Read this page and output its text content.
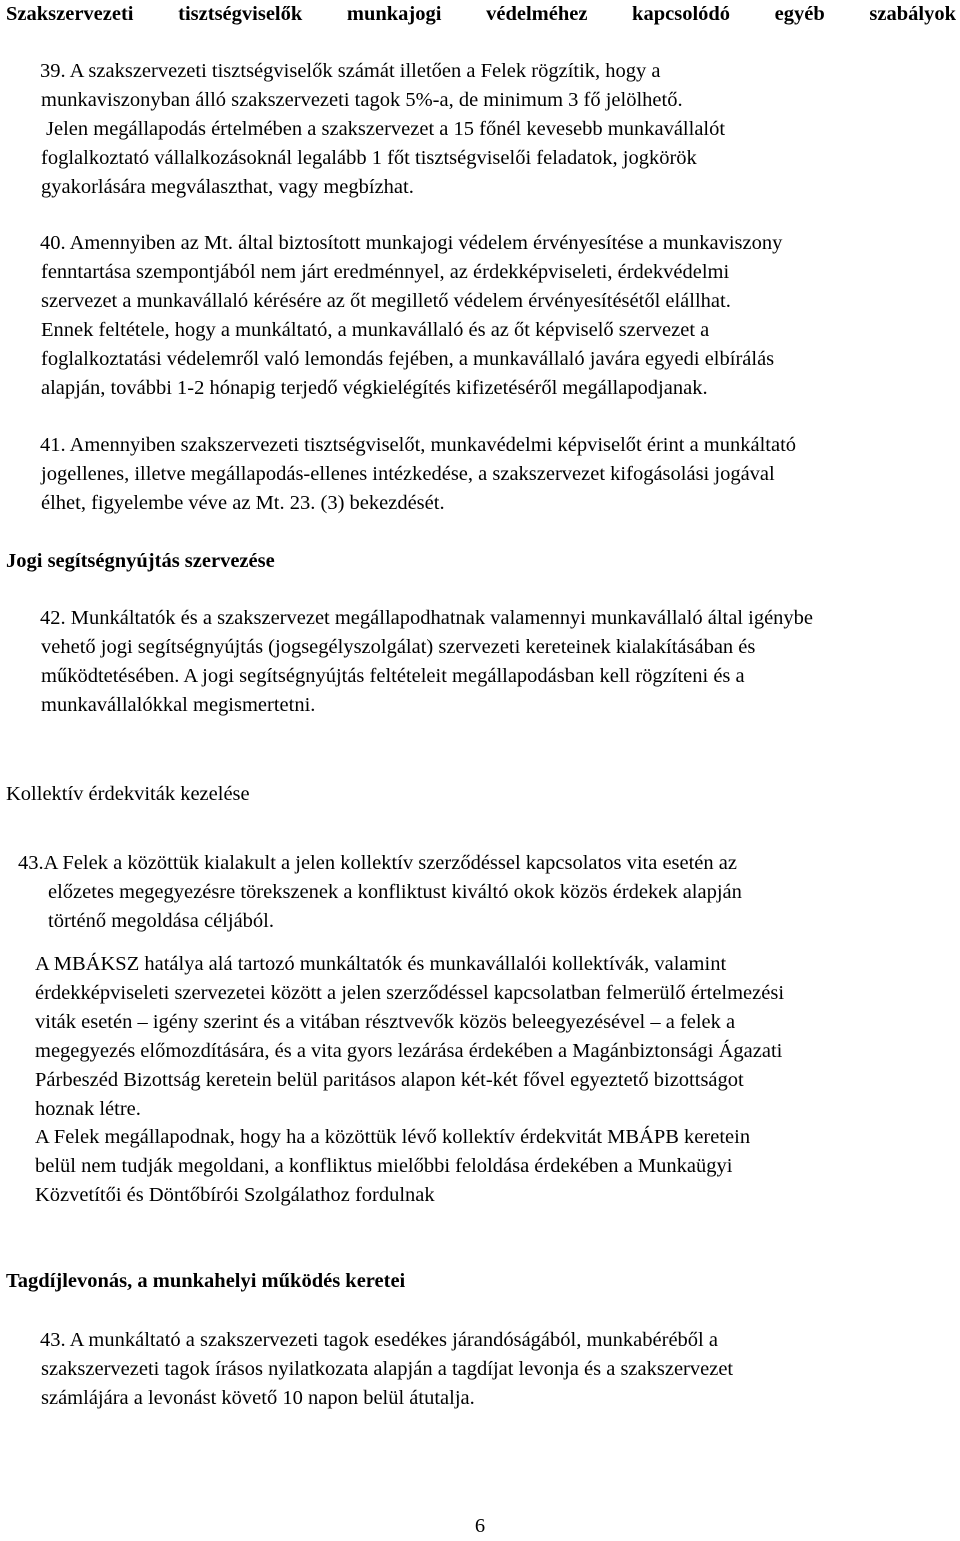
Szakszervezeti tisztségviselők munkajogi védelméhez kapcsolódó egyéb szabályok
39. A szakszervezeti tisztségviselők számát illetően a Felek rögzítik, hogy a
munkaviszonyban álló szakszervezeti tagok 5%-a, de minimum 3 fő jelölhető.
Jelen megállapodás értelmében a szakszervezet a 15 főnél kevesebb munkavállalót
foglalkoztató vállalkozásoknál legalább 1 főt tisztségviselői feladatok, jogkörök
gyakorlására megválaszthat, vagy megbízhat.
40. Amennyiben az Mt. által biztosított munkajogi védelem érvényesítése a munkaviszony
fenntartása szempontjából nem járt eredménnyel, az érdekképviseleti, érdekvédelmi
szervezet a munkavállaló kérésére az őt megillető védelem érvényesítésétől elállhat.
Ennek feltétele, hogy a munkáltató, a munkavállaló és az őt képviselő szervezet a
foglalkoztatási védelemről való lemondás fejében, a munkavállaló javára egyedi elbírálás
alapján, további 1-2 hónapig terjedő végkielégítés kifizetéséről megállapodjanak.
41. Amennyiben szakszervezeti tisztségviselőt, munkavédelmi képviselőt érint a munkáltató
jogellenes, illetve megállapodás-ellenes intézkedése, a szakszervezet kifogásolási jogával
élhet, figyelembe véve az Mt. 23. (3) bekezdését.
Jogi segítségnyújtás szervezése
42. Munkáltatók és a szakszervezet megállapodhatnak valamennyi munkavállaló által igénybe
vehető jogi segítségnyújtás (jogsegélyszolgálat) szervezeti kereteinek kialakításában és
működtetésében. A jogi segítségnyújtás feltételeit megállapodásban kell rögzíteni és a
munkavállalókkal megismertetni.
Kollektív érdekviták kezelése
43.A Felek a közöttük kialakult a jelen kollektív szerződéssel kapcsolatos vita esetén az
előzetes megegyezésre törekszenek a konfliktust kiváltó okok közös érdekek alapján
történő megoldása céljából.
A MBÁKSZ hatálya alá tartozó munkáltatók és munkavállalói kollektívák, valamint
érdekképviseleti szervezetei között a jelen szerződéssel kapcsolatban felmerülő értelmezési
viták esetén – igény szerint és a vitában résztvevők közös beleegyezésével – a felek a
megegyezés előmozdítására, és a vita gyors lezárása érdekében a Magánbiztonsági Ágazati
Párbeszéd Bizottság keretein belül paritásos alapon két-két fővel egyeztető bizottságot
hoznak létre.
A Felek megállapodnak, hogy ha a közöttük lévő kollektív érdekvitát MBÁPB keretein
belül nem tudják megoldani, a konfliktus mielőbbi feloldása érdekében a Munkaügyi
Közvetítői és Döntőbírói Szolgálathoz fordulnak
Tagdíjlevonás, a munkahelyi működés keretei
43. A munkáltató a szakszervezeti tagok esedékes járandóságából, munkabéréből a
szakszervezeti tagok írásos nyilatkozata alapján a tagdíjat levonja és a szakszervezet
számlájára a levonást követő 10 napon belül átutalja.
6
